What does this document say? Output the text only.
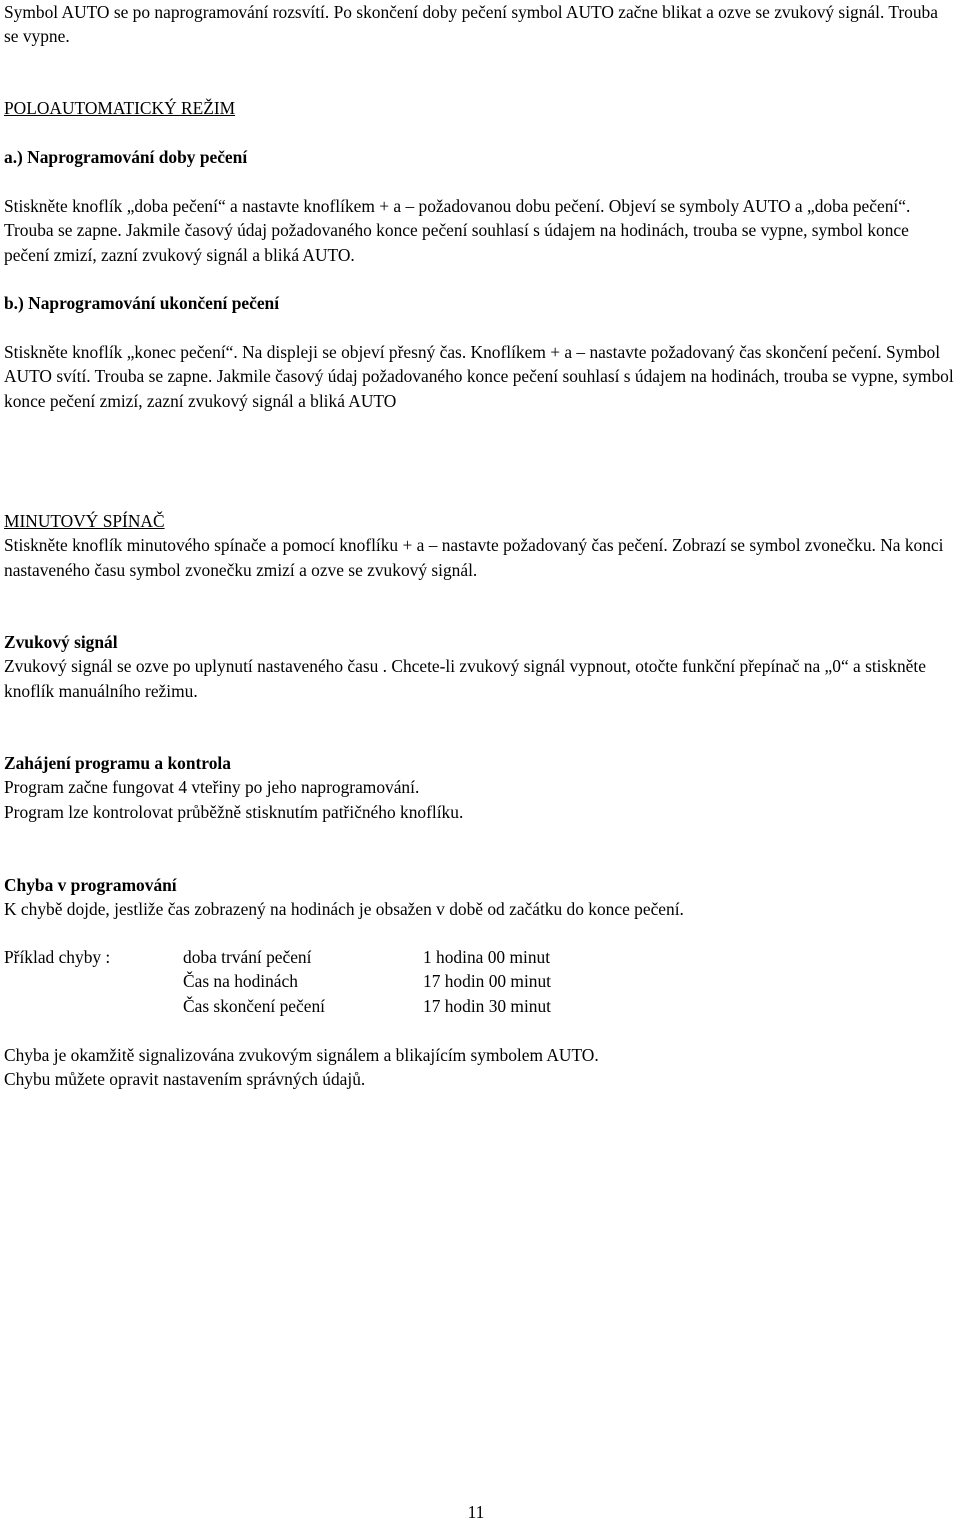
Symbol AUTO se po naprogramování rozsvítí. Po skončení doby pečení symbol AUTO začne blikat a ozve se zvukový signál. Trouba se vypne.

POLOAUTOMATICKÝ REŽIM

a.) Naprogramování doby pečení

Stiskněte knoflík „doba pečení“ a nastavte knoflíkem + a – požadovanou dobu pečení. Objeví se symboly AUTO a „doba pečení“. Trouba se zapne. Jakmile časový údaj požadovaného konce pečení souhlasí s údajem na hodinách, trouba se vypne, symbol konce pečení zmizí, zazní zvukový signál a bliká AUTO.

b.) Naprogramování ukončení pečení

Stiskněte knoflík „konec pečení“. Na displeji se objeví přesný čas. Knoflíkem + a – nastavte požadovaný čas skončení pečení. Symbol AUTO svítí. Trouba se zapne. Jakmile časový údaj požadovaného konce pečení souhlasí s údajem na hodinách, trouba se vypne, symbol konce pečení zmizí, zazní zvukový signál a bliká AUTO

MINUTOVÝ SPÍNAČ

Stiskněte knoflík minutového spínače a pomocí knoflíku + a – nastavte požadovaný čas pečení. Zobrazí se symbol zvonečku. Na konci nastaveného času symbol zvonečku zmizí a ozve se zvukový signál.

Zvukový signál

Zvukový signál se ozve po uplynutí nastaveného času . Chcete-li zvukový signál vypnout, otočte funkční přepínač na „0“ a stiskněte knoflík manuálního režimu.

Zahájení programu a kontrola

Program začne fungovat 4 vteřiny po jeho naprogramování.

Program lze kontrolovat průběžně stisknutím patřičného knoflíku.

Chyba v programování

K chybě dojde, jestliže čas zobrazený na hodinách je obsažen v době od začátku do konce pečení.

Příklad chyby :	doba trvání pečení	1 hodina 00 minut
Čas na hodinách	17 hodin 00 minut
Čas skončení pečení	17 hodin 30 minut

Chyba je okamžitě signalizována zvukovým signálem a blikajícím symbolem AUTO.

Chybu můžete opravit nastavením správných údajů.

11
